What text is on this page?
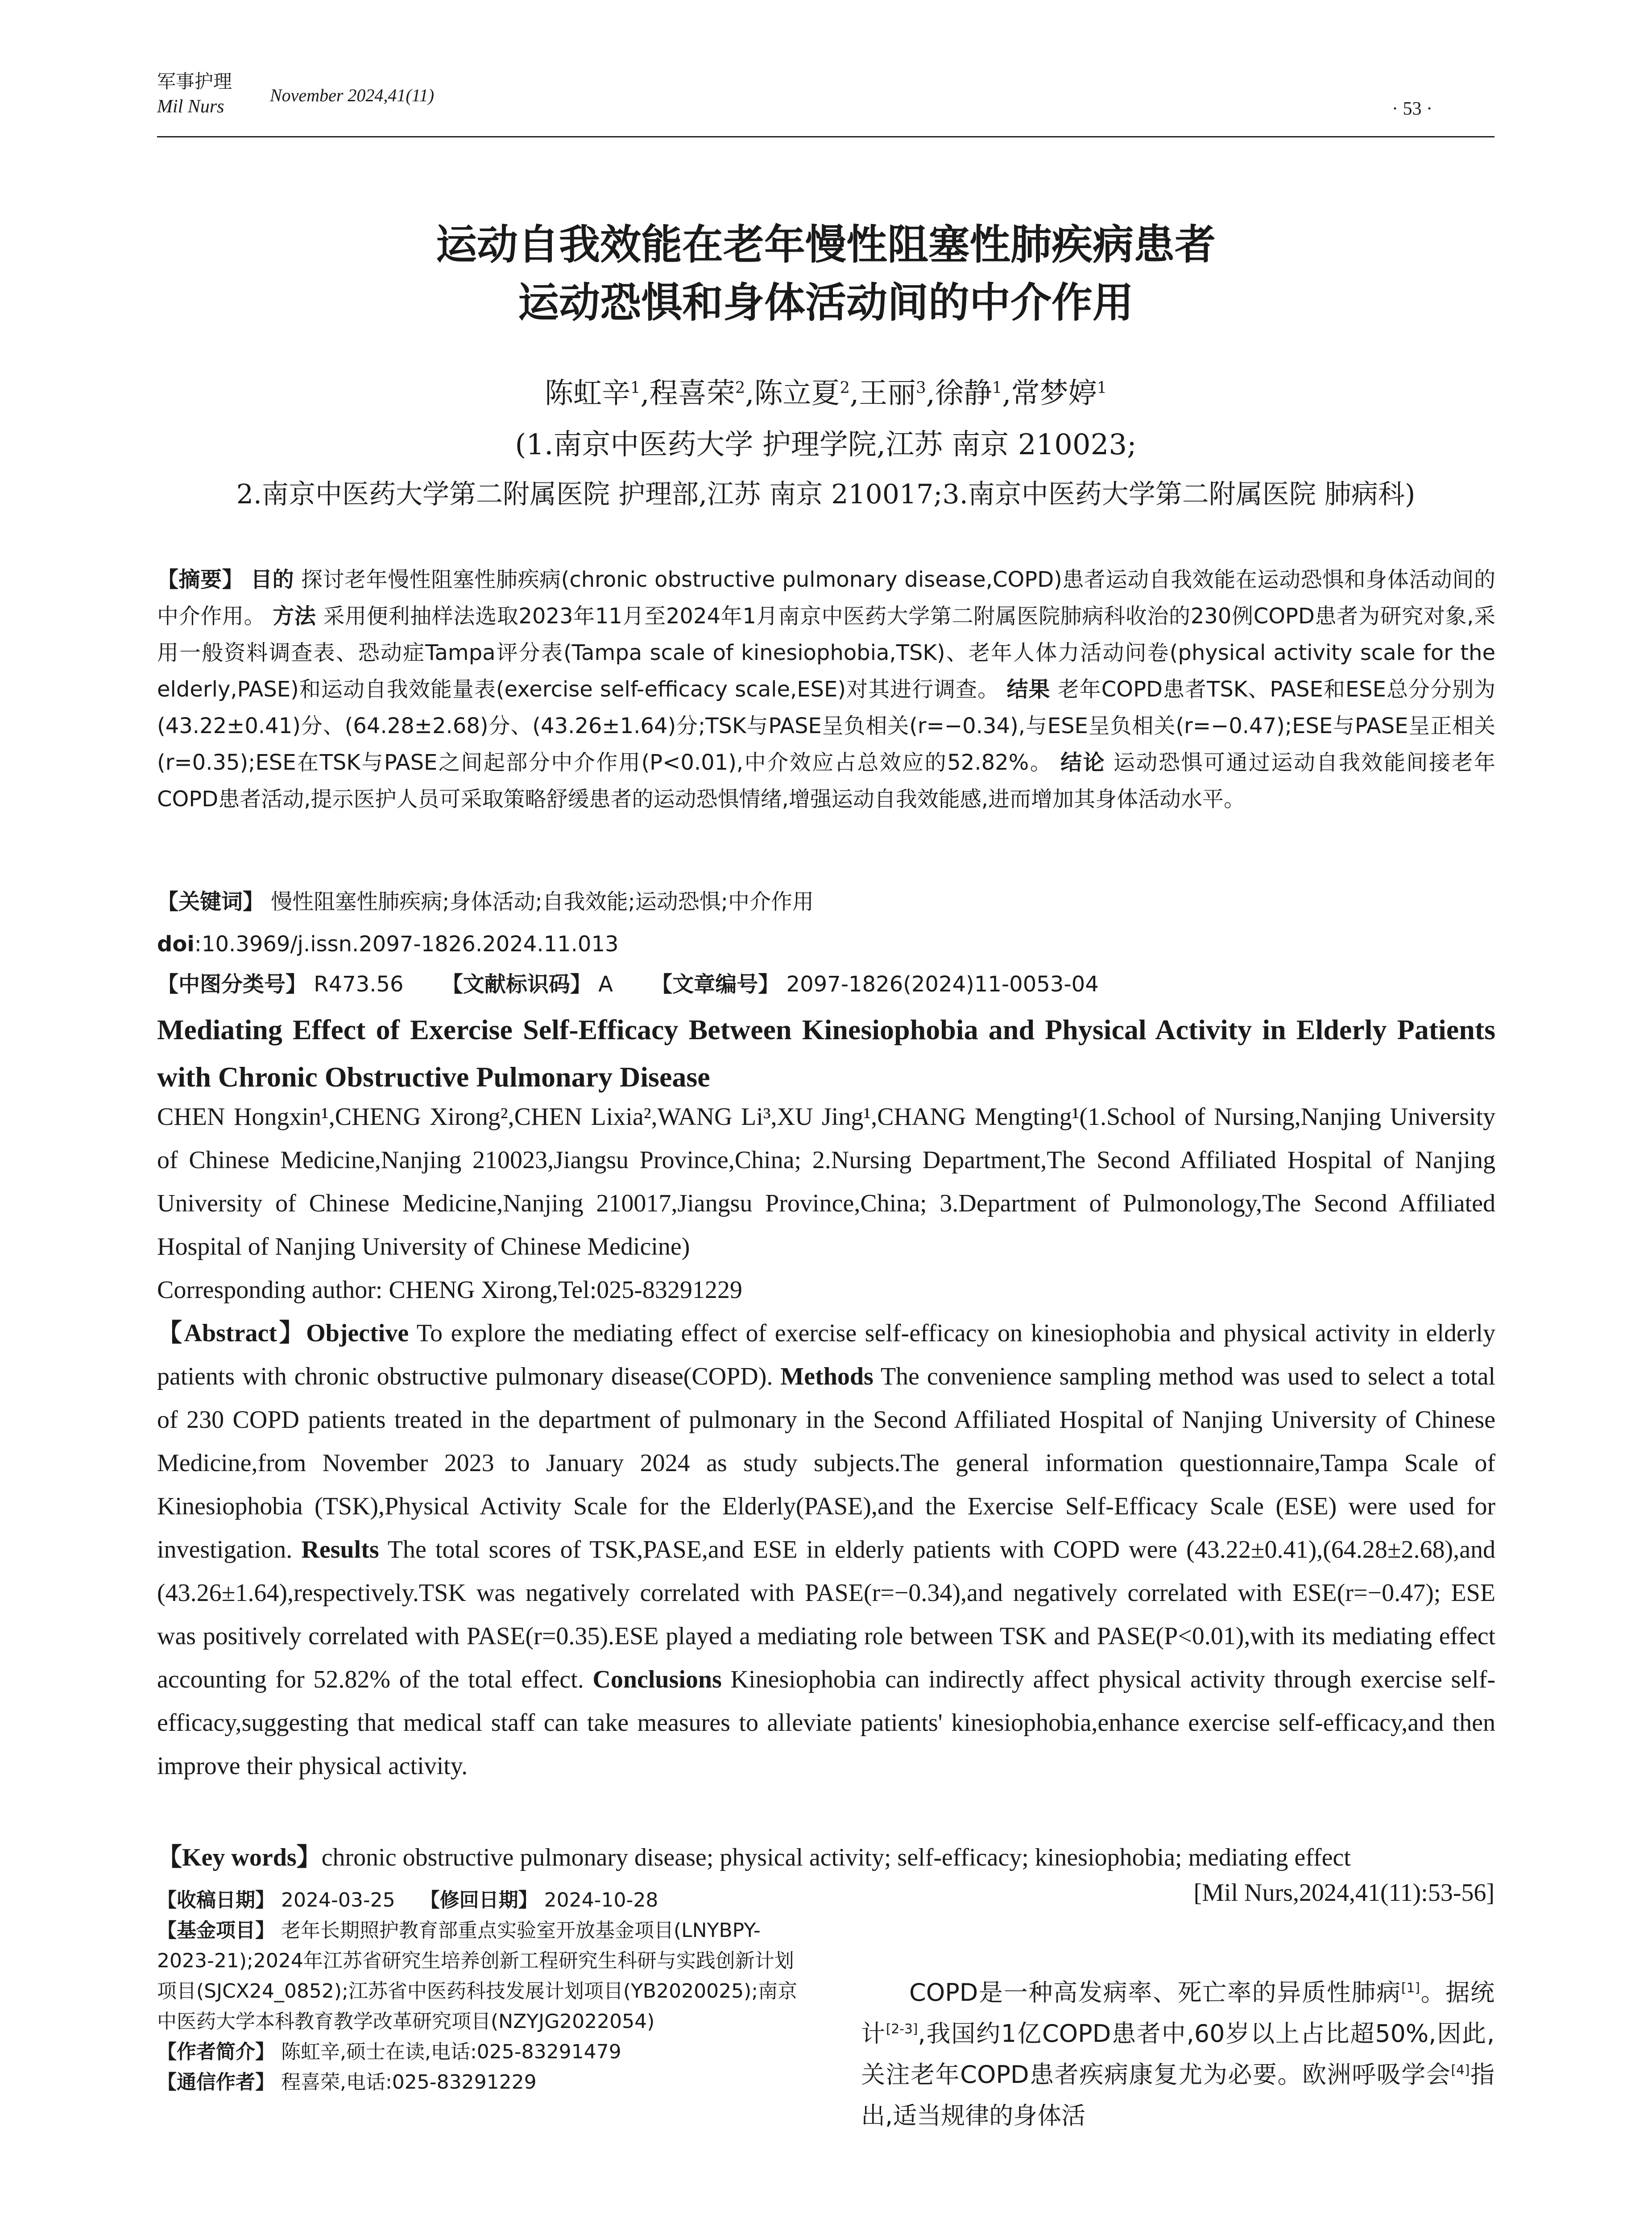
军事护理
Mil Nurs
November 2024,41(11)
· 53 ·
运动自我效能在老年慢性阻塞性肺疾病患者
运动恐惧和身体活动间的中介作用
陈虹辛$^1$,程喜荣$^2$,陈立夏$^2$,王丽$^3$,徐静$^1$,常梦婷$^1$
(1.南京中医药大学 护理学院,江苏 南京 210023;
2.南京中医药大学第二附属医院 护理部,江苏 南京 210017;3.南京中医药大学第二附属医院 肺病科)
【摘要】 目的 探讨老年慢性阻塞性肺疾病(chronic obstructive pulmonary disease,COPD)患者运动自我效能在运动恐惧和身体活动间的中介作用。 方法 采用便利抽样法选取2023年11月至2024年1月南京中医药大学第二附属医院肺病科收治的230例COPD患者为研究对象,采用一般资料调查表、恐动症Tampa评分表(Tampa scale of kinesiophobia,TSK)、老年人体力活动问卷(physical activity scale for the elderly,PASE)和运动自我效能量表(exercise self-efficacy scale,ESE)对其进行调查。 结果 老年COPD患者TSK、PASE和ESE总分分别为(43.22±0.41)分、(64.28±2.68)分、(43.26±1.64)分;TSK与PASE呈负相关(r=−0.34),与ESE呈负相关(r=−0.47);ESE与PASE呈正相关(r=0.35);ESE在TSK与PASE之间起部分中介作用(P<0.01),中介效应占总效应的52.82%。 结论 运动恐惧可通过运动自我效能间接老年COPD患者活动,提示医护人员可采取策略舒缓患者的运动恐惧情绪,增强运动自我效能感,进而增加其身体活动水平。
【关键词】 慢性阻塞性肺疾病;身体活动;自我效能;运动恐惧;中介作用
doi:10.3969/j.issn.2097-1826.2024.11.013
【中图分类号】 R473.56 【文献标识码】 A 【文章编号】 2097-1826(2024)11-0053-04
Mediating Effect of Exercise Self-Efficacy Between Kinesiophobia and Physical Activity in Elderly Patients with Chronic Obstructive Pulmonary Disease
CHEN Hongxin¹,CHENG Xirong²,CHEN Lixia²,WANG Li³,XU Jing¹,CHANG Mengting¹(1.School of Nursing,Nanjing University of Chinese Medicine,Nanjing 210023,Jiangsu Province,China; 2.Nursing Department,The Second Affiliated Hospital of Nanjing University of Chinese Medicine,Nanjing 210017,Jiangsu Province,China; 3.Department of Pulmonology,The Second Affiliated Hospital of Nanjing University of Chinese Medicine)
Corresponding author: CHENG Xirong,Tel:025-83291229
【Abstract】Objective To explore the mediating effect of exercise self-efficacy on kinesiophobia and physical activity in elderly patients with chronic obstructive pulmonary disease(COPD). Methods The convenience sampling method was used to select a total of 230 COPD patients treated in the department of pulmonary in the Second Affiliated Hospital of Nanjing University of Chinese Medicine,from November 2023 to January 2024 as study subjects.The general information questionnaire,Tampa Scale of Kinesiophobia (TSK),Physical Activity Scale for the Elderly(PASE),and the Exercise Self-Efficacy Scale (ESE) were used for investigation. Results The total scores of TSK,PASE,and ESE in elderly patients with COPD were (43.22±0.41),(64.28±2.68),and (43.26±1.64),respectively.TSK was negatively correlated with PASE(r=−0.34),and negatively correlated with ESE(r=−0.47); ESE was positively correlated with PASE(r=0.35).ESE played a mediating role between TSK and PASE(P<0.01),with its mediating effect accounting for 52.82% of the total effect. Conclusions Kinesiophobia can indirectly affect physical activity through exercise self-efficacy,suggesting that medical staff can take measures to alleviate patients' kinesiophobia,enhance exercise self-efficacy,and then improve their physical activity.
【Key words】chronic obstructive pulmonary disease; physical activity; self-efficacy; kinesiophobia; mediating effect
[Mil Nurs,2024,41(11):53-56]

【收稿日期】 2024-03-25 【修回日期】 2024-10-28

【基金项目】 老年长期照护教育部重点实验室开放基金项目(LNYBPY-2023-21);2024年江苏省研究生培养创新工程研究生科研与实践创新计划项目(SJCX24_0852);江苏省中医药科技发展计划项目(YB2020025);南京中医药大学本科教育教学改革研究项目(NZYJG2022054)

【作者简介】 陈虹辛,硕士在读,电话:025-83291479

【通信作者】 程喜荣,电话:025-83291229

COPD是一种高发病率、死亡率的异质性肺病[1]。据统计[2-3],我国约1亿COPD患者中,60岁以上占比超50%,因此,关注老年COPD患者疾病康复尤为必要。欧洲呼吸学会[4]指出,适当规律的身体活
